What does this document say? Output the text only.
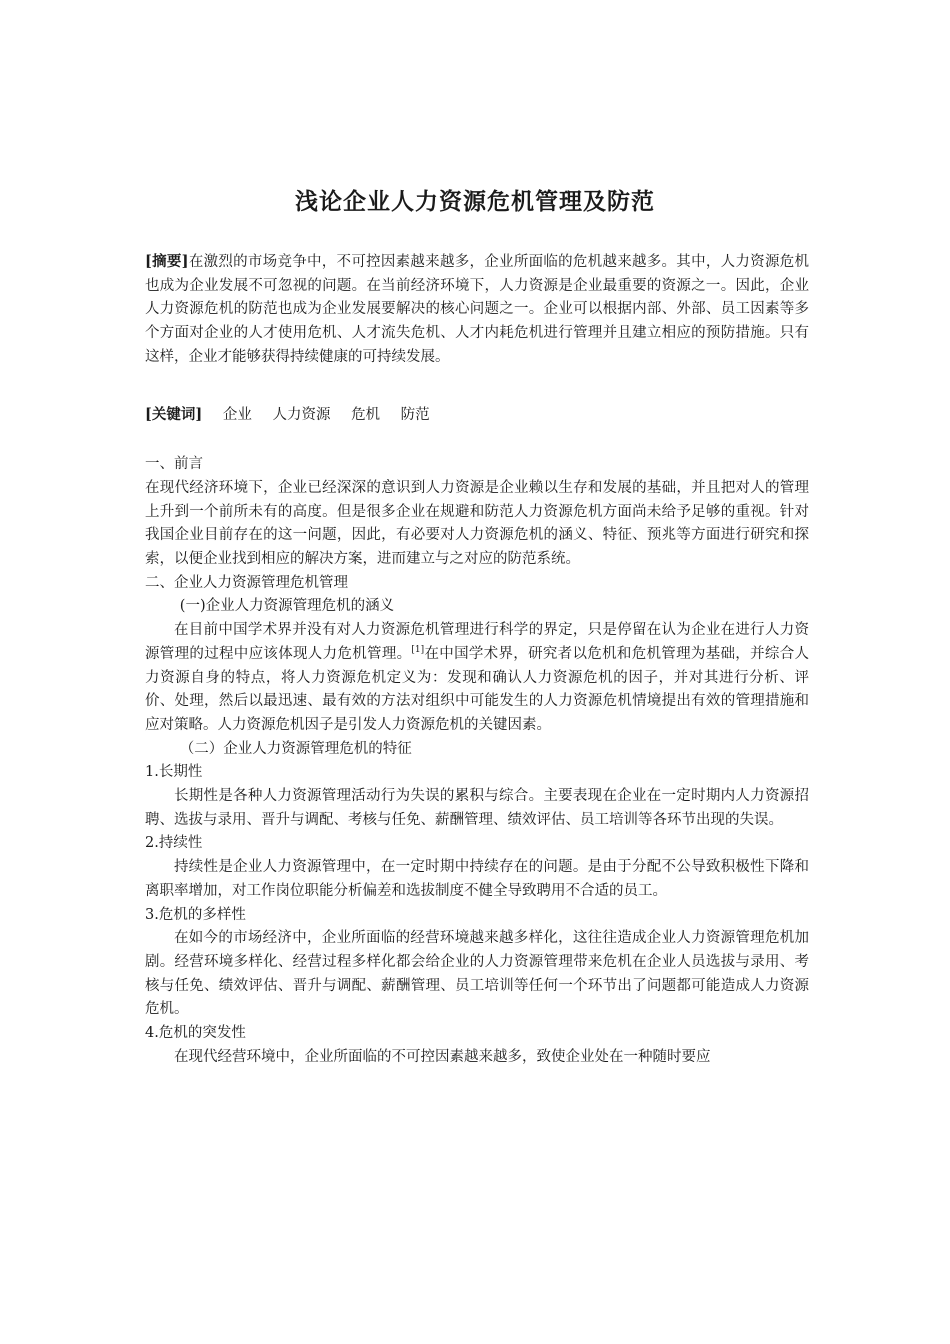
浅论企业人力资源危机管理及防范

[摘要]在激烈的市场竞争中，不可控因素越来越多，企业所面临的危机越来越多。其中，人力资源危机也成为企业发展不可忽视的问题。在当前经济环境下，人力资源是企业最重要的资源之一。因此，企业人力资源危机的防范也成为企业发展要解决的核心问题之一。企业可以根据内部、外部、员工因素等多个方面对企业的人才使用危机、人才流失危机、人才内耗危机进行管理并且建立相应的预防措施。只有这样，企业才能够获得持续健康的可持续发展。

[关键词] 企业 人力资源 危机 防范

一、前言

在现代经济环境下，企业已经深深的意识到人力资源是企业赖以生存和发展的基础，并且把对人的管理上升到一个前所未有的高度。但是很多企业在规避和防范人力资源危机方面尚未给予足够的重视。针对我国企业目前存在的这一问题，因此，有必要对人力资源危机的涵义、特征、预兆等方面进行研究和探索，以便企业找到相应的解决方案，进而建立与之对应的防范系统。

二、企业人力资源管理危机管理

(一)企业人力资源管理危机的涵义

在目前中国学术界并没有对人力资源危机管理进行科学的界定，只是停留在认为企业在进行人力资源管理的过程中应该体现人力危机管理。[1]在中国学术界，研究者以危机和危机管理为基础，并综合人力资源自身的特点，将人力资源危机定义为：发现和确认人力资源危机的因子，并对其进行分析、评价、处理，然后以最迅速、最有效的方法对组织中可能发生的人力资源危机情境提出有效的管理措施和应对策略。人力资源危机因子是引发人力资源危机的关键因素。

（二）企业人力资源管理危机的特征

1.长期性

长期性是各种人力资源管理活动行为失误的累积与综合。主要表现在企业在一定时期内人力资源招聘、选拔与录用、晋升与调配、考核与任免、薪酬管理、绩效评估、员工培训等各环节出现的失误。

2.持续性

持续性是企业人力资源管理中，在一定时期中持续存在的问题。是由于分配不公导致积极性下降和离职率增加，对工作岗位职能分析偏差和选拔制度不健全导致聘用不合适的员工。

3.危机的多样性

在如今的市场经济中，企业所面临的经营环境越来越多样化，这往往造成企业人力资源管理危机加剧。经营环境多样化、经营过程多样化都会给企业的人力资源管理带来危机在企业人员选拔与录用、考核与任免、绩效评估、晋升与调配、薪酬管理、员工培训等任何一个环节出了问题都可能造成人力资源危机。

4.危机的突发性

在现代经营环境中，企业所面临的不可控因素越来越多，致使企业处在一种随时要应
